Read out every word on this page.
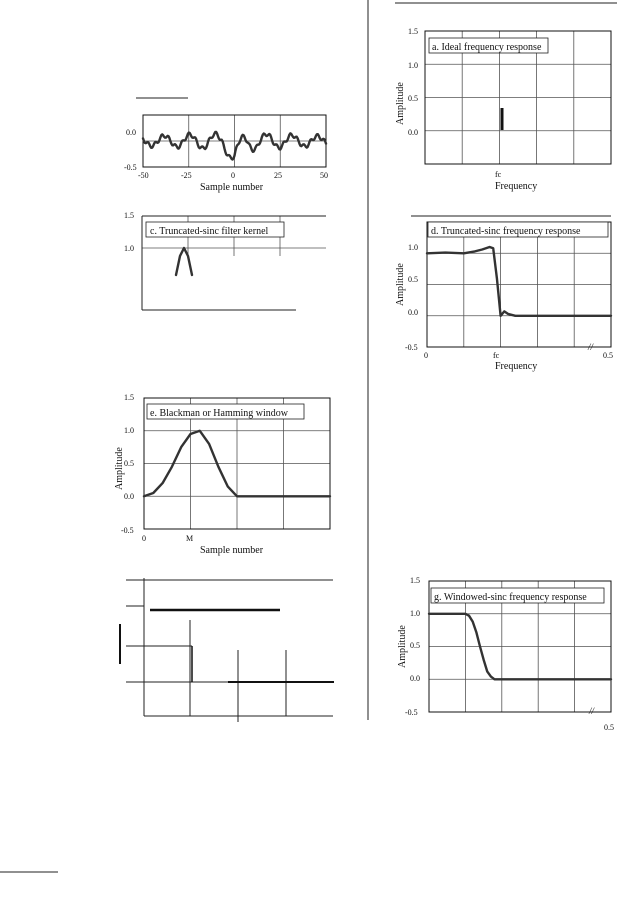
0.0
-0.5
-50	-25	0	25	50
Sample number
a. Ideal frequency response
1.5
1.0
0.5
0.0
Amplitude
fc
Frequency
c. Truncated-sinc filter kernel
1.5
1.0
d. Truncated-sinc frequency response
1.0
0.5
0.0
-0.5
Amplitude
0	fc	0.5
//
Frequency
e. Blackman or Hamming window
1.5
1.0
0.5
0.0
-0.5
Amplitude
0	M
Sample number
g. Windowed-sinc frequency response
1.5
1.0
0.5
0.0
-0.5
Amplitude
//
0.5
